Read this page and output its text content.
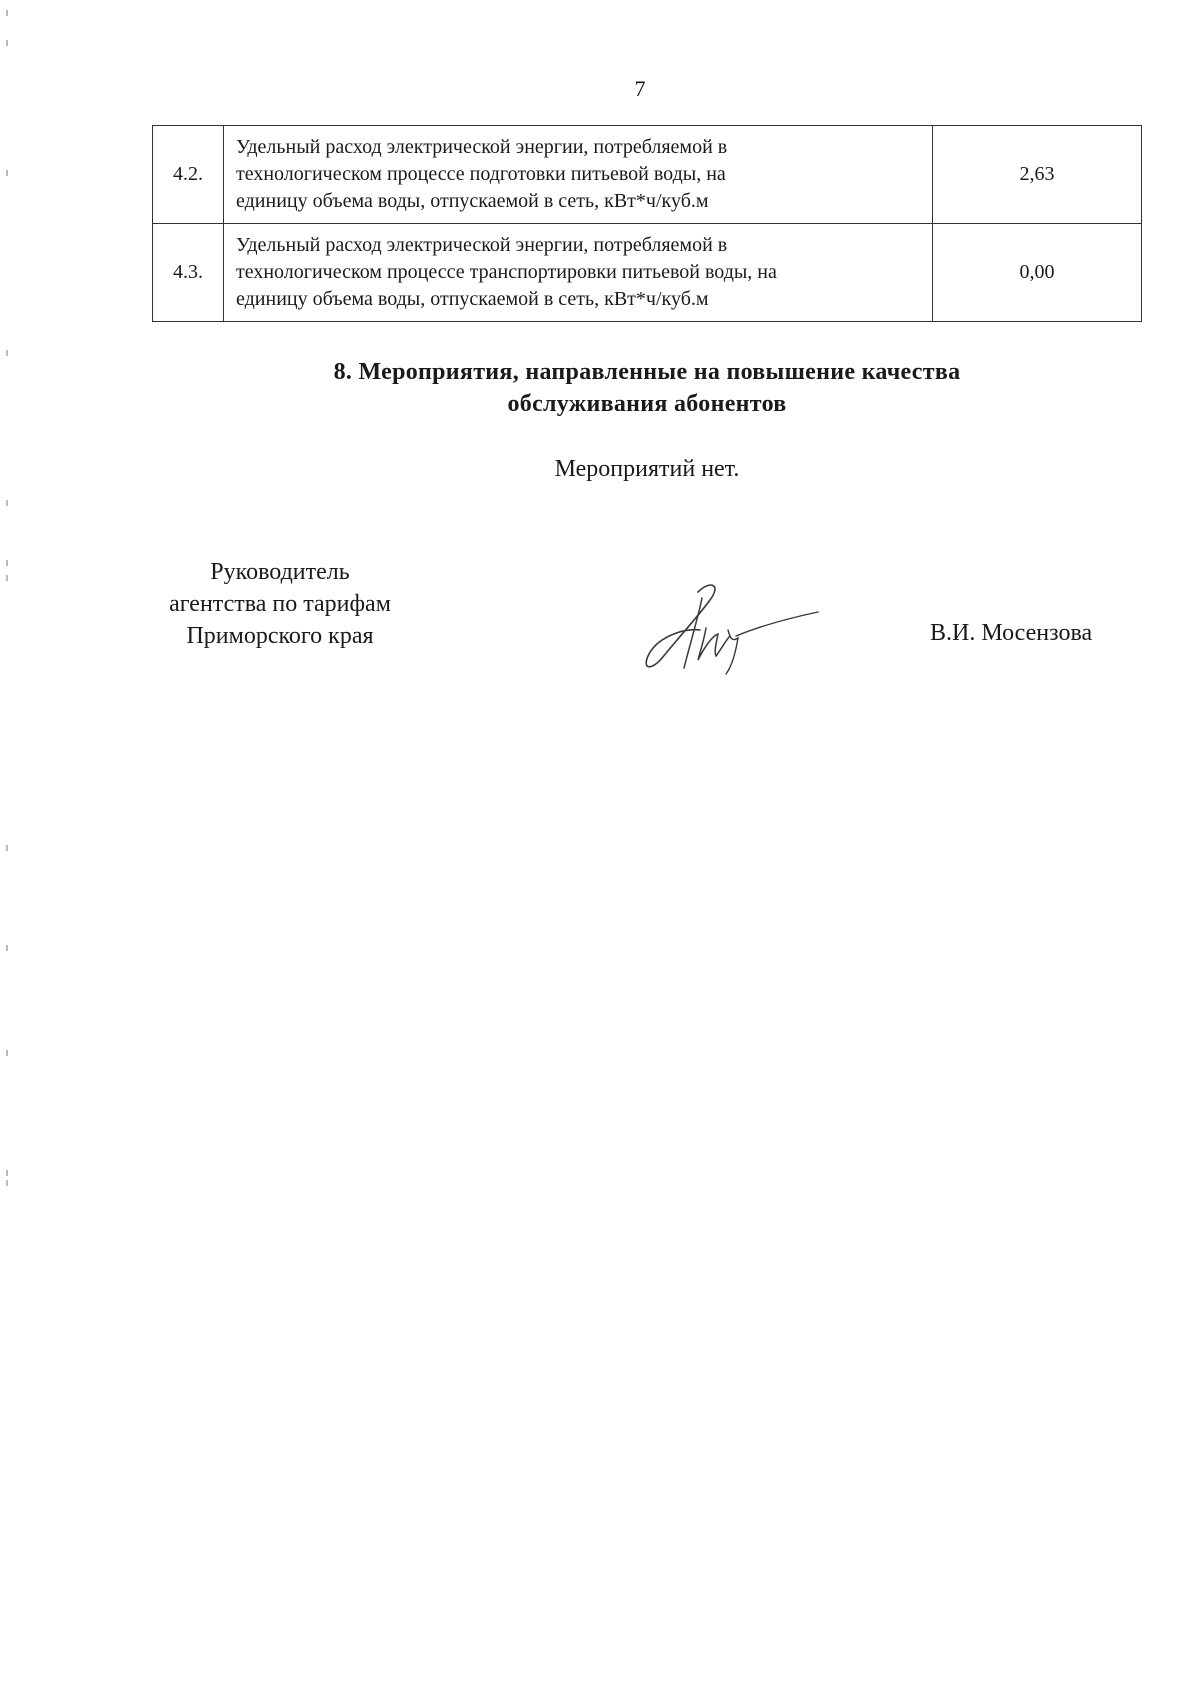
7
4.2.	Удельный расход электрической энергии, потребляемой в
технологическом процессе подготовки питьевой воды, на
единицу объема воды, отпускаемой в сеть, кВт*ч/куб.м	2,63
4.3.	Удельный расход электрической энергии, потребляемой в
технологическом процессе транспортировки питьевой воды, на
единицу объема воды, отпускаемой в сеть, кВт*ч/куб.м	0,00
8. Мероприятия, направленные на повышение качества
обслуживания абонентов
Мероприятий нет.
Руководитель
агентства по тарифам
Приморского края	В.И. Мосензова
